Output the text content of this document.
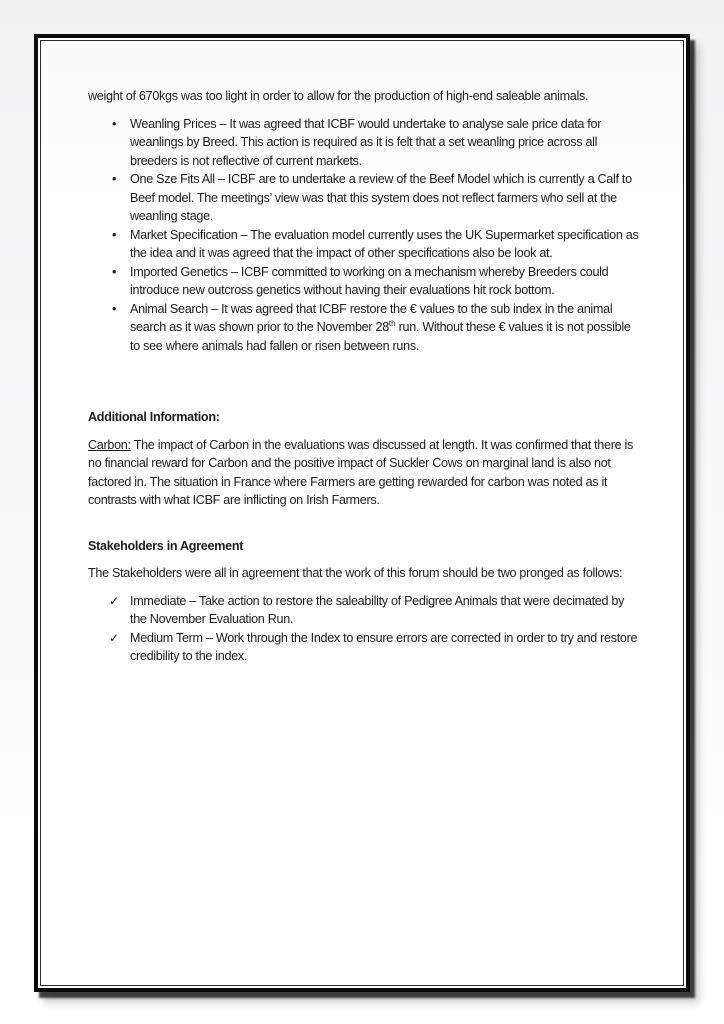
weight of 670kgs was too light in order to allow for the production of high-end saleable animals.

•	Weanling Prices – It was agreed that ICBF would undertake to analyse sale price data for weanlings by Breed. This action is required as it is felt that a set weanling price across all breeders is not reflective of current markets.
•	One Sze Fits All – ICBF are to undertake a review of the Beef Model which is currently a Calf to Beef model. The meetings’ view was that this system does not reflect farmers who sell at the weanling stage.
•	Market Specification – The evaluation model currently uses the UK Supermarket specification as the idea and it was agreed that the impact of other specifications also be look at.
•	Imported Genetics – ICBF committed to working on a mechanism whereby Breeders could introduce new outcross genetics without having their evaluations hit rock bottom.
•	Animal Search – It was agreed that ICBF restore the € values to the sub index in the animal search as it was shown prior to the November 28th run. Without these € values it is not possible to see where animals had fallen or risen between runs.

Additional Information:

Carbon: The impact of Carbon in the evaluations was discussed at length. It was confirmed that there is no financial reward for Carbon and the positive impact of Suckler Cows on marginal land is also not factored in. The situation in France where Farmers are getting rewarded for carbon was noted as it contrasts with what ICBF are inflicting on Irish Farmers.

Stakeholders in Agreement

The Stakeholders were all in agreement that the work of this forum should be two pronged as follows:

✓ Immediate – Take action to restore the saleability of Pedigree Animals that were decimated by the November Evaluation Run.
✓ Medium Term – Work through the Index to ensure errors are corrected in order to try and restore credibility to the index.
